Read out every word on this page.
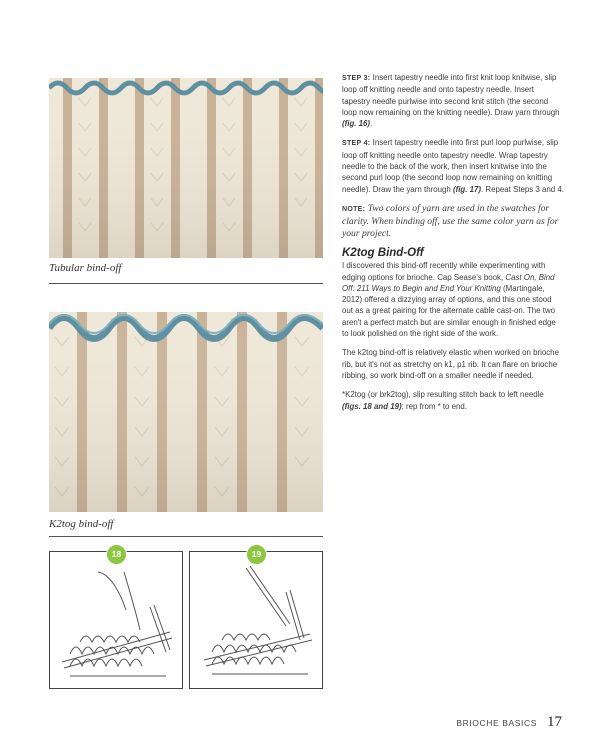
Tubular bind-off
K2tog bind-off
18	19

STEP 3: Insert tapestry needle into first knit loop knitwise, slip loop off knitting needle and onto tapestry needle. Insert tapestry needle purlwise into second knit stitch (the second loop now remaining on the knitting needle). Draw yarn through (fig. 16).

STEP 4: Insert tapestry needle into first purl loop purlwise, slip loop off knitting needle onto tapestry needle. Wrap tapestry needle to the back of the work, then insert knitwise into the second purl loop (the second loop now remaining on knitting needle). Draw the yarn through (fig. 17). Repeat Steps 3 and 4.

NOTE: Two colors of yarn are used in the swatches for clarity. When binding off, use the same color yarn as for your project.

K2tog Bind-Off

I discovered this bind-off recently while experimenting with edging options for brioche. Cap Sease's book, Cast On, Bind Off: 211 Ways to Begin and End Your Knitting (Martingale, 2012) offered a dizzying array of options, and this one stood out as a great pairing for the alternate cable cast-on. The two aren't a perfect match but are similar enough in finished edge to look polished on the right side of the work.

The k2tog bind-off is relatively elastic when worked on brioche rib, but it's not as stretchy on k1, p1 rib. It can flare on brioche ribbing, so work bind-off on a smaller needle if needed.

*K2tog (or brk2tog), slip resulting stitch back to left needle (figs. 18 and 19); rep from * to end.

BRIOCHE BASICS 17
